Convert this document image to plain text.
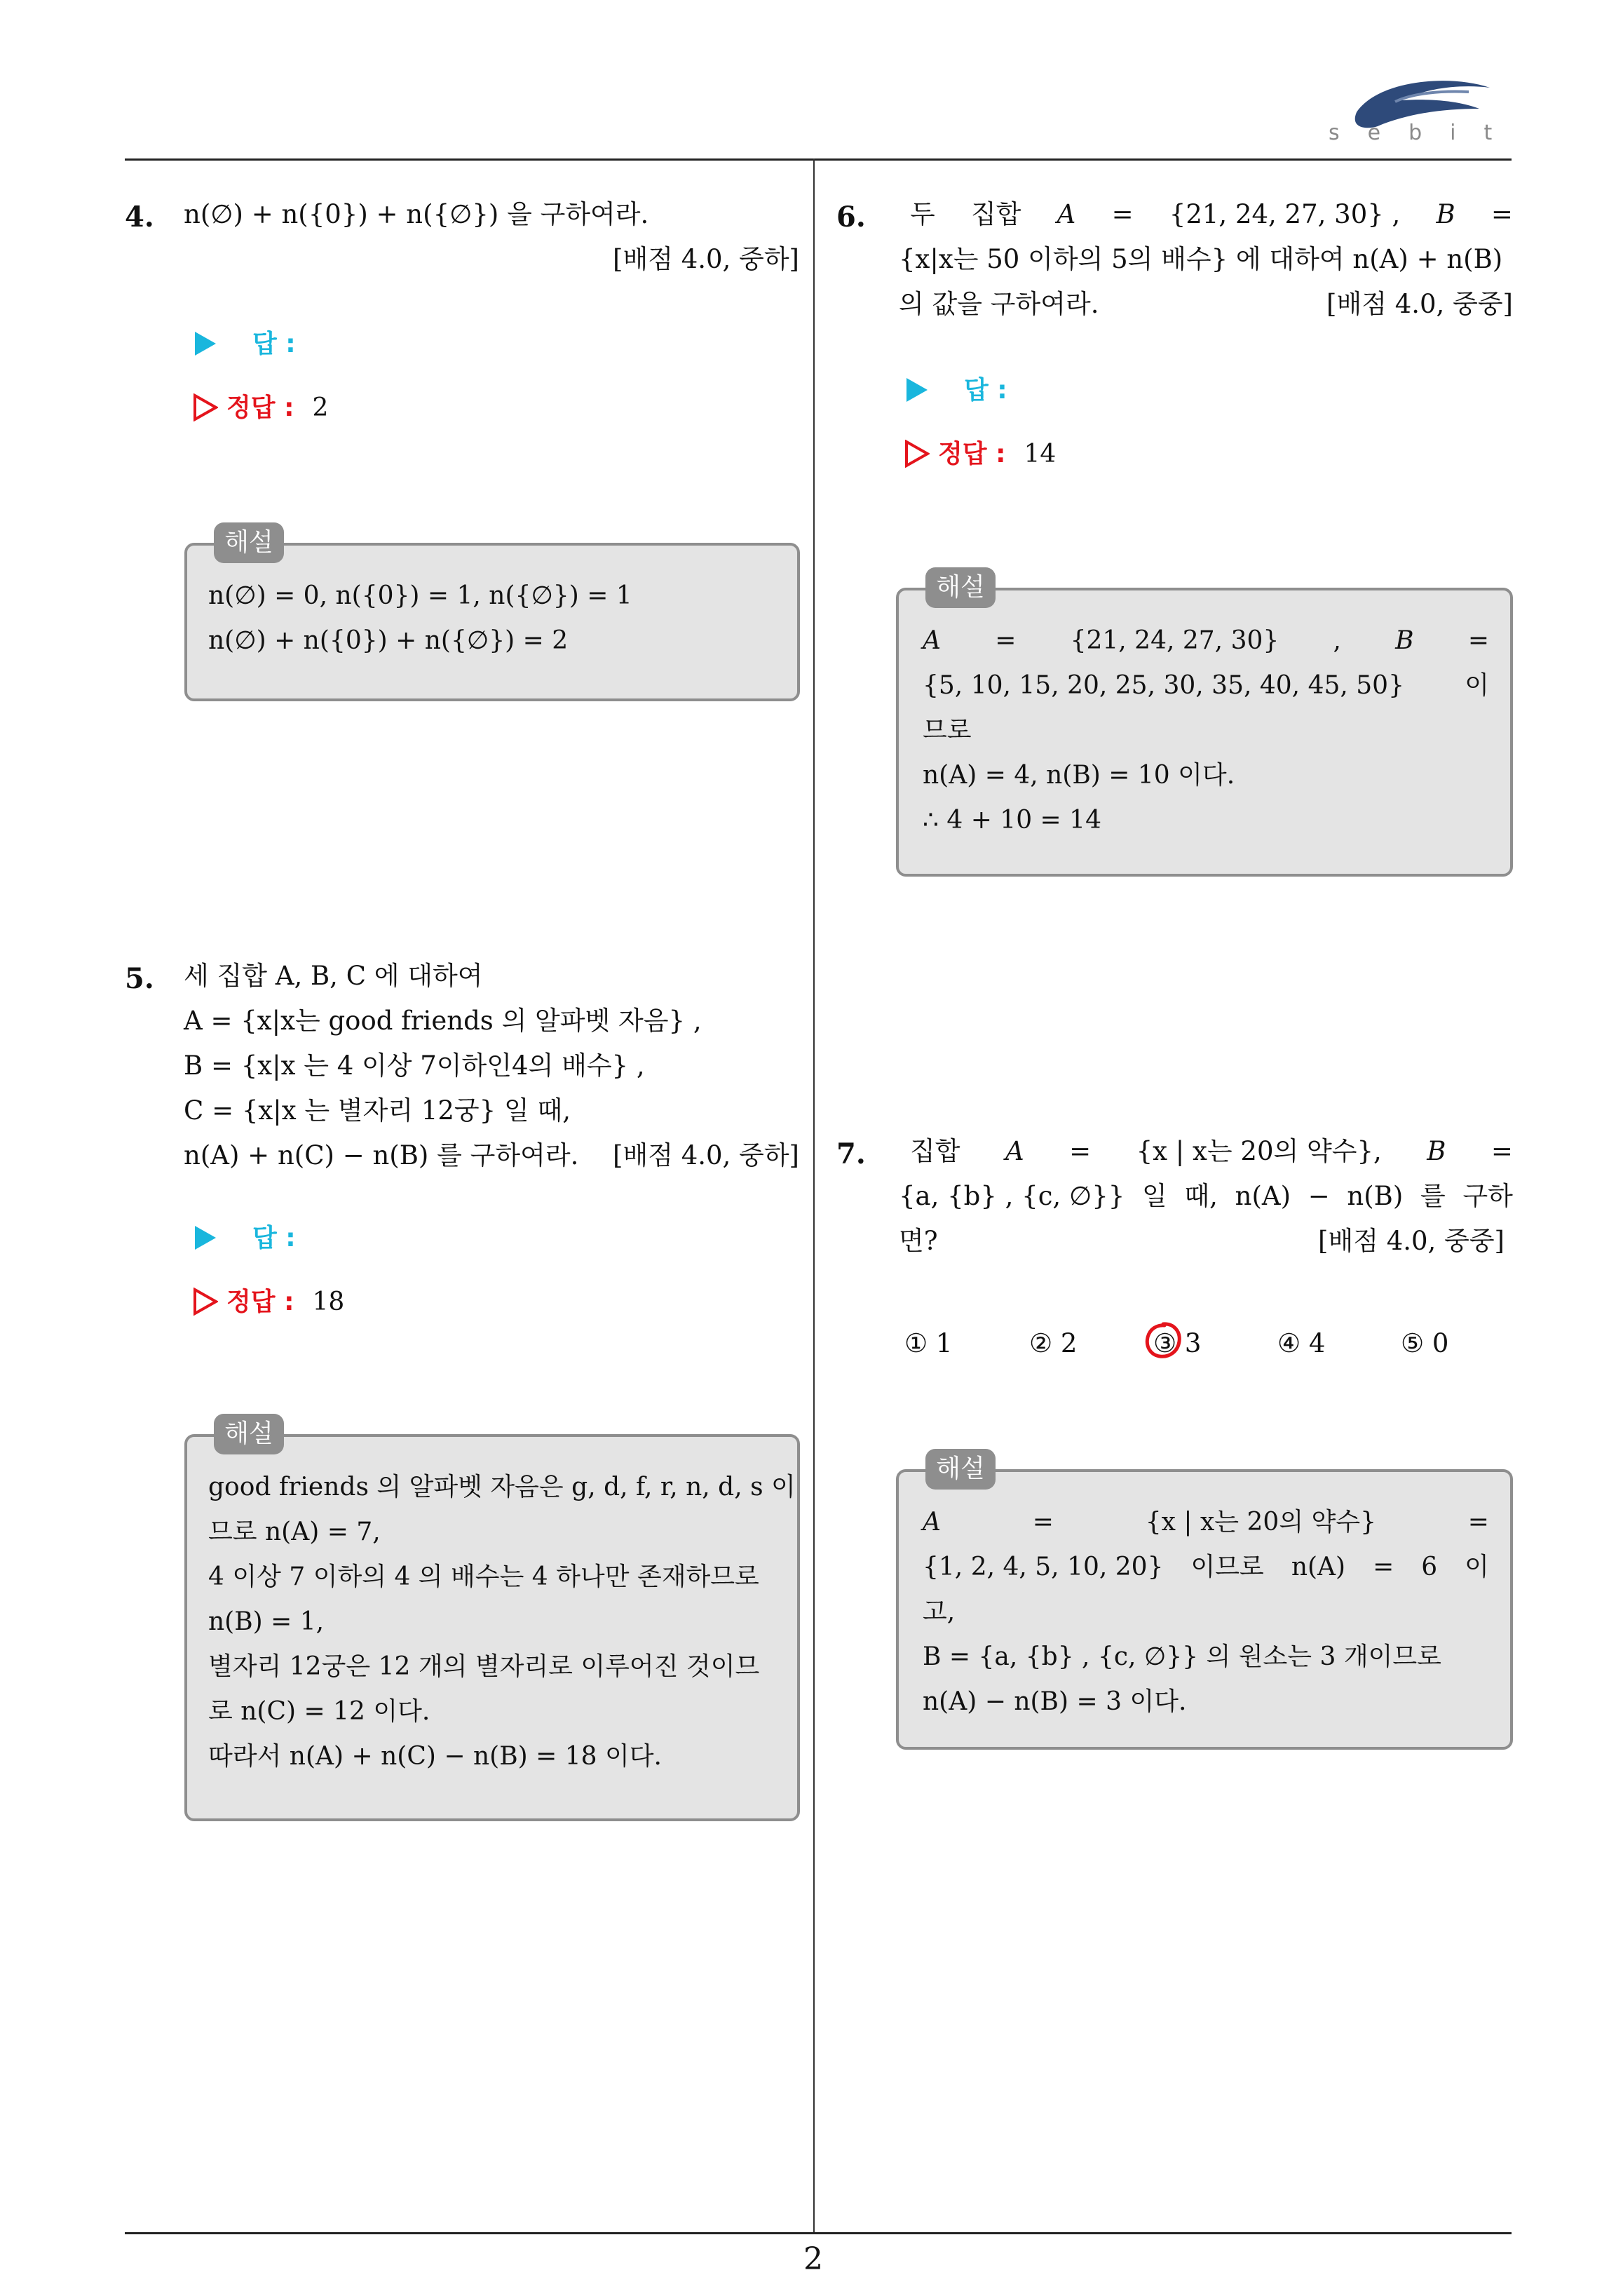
sebit
4. n(∅) + n({0}) + n({∅}) 을 구하여라.
[배점 4.0, 중하]
답 :
정답 : 2
n(∅) = 0, n({0}) = 1, n({∅}) = 1
n(∅) + n({0}) + n({∅}) = 2
해설
5. 세 집합 A, B, C 에 대하여
A = {x|x는 good friends 의 알파벳 자음} ,
B = {x|x 는 4 이상 7이하인4의 배수} ,
C = {x|x 는 별자리 12궁} 일 때,
n(A) + n(C) − n(B) 를 구하여라.	[배점 4.0, 중하]
답 :
정답 : 18
good friends 의 알파벳 자음은 g, d, f, r, n, d, s 이
므로 n(A) = 7,
4 이상 7 이하의 4 의 배수는 4 하나만 존재하므로
n(B) = 1,
별자리 12궁은 12 개의 별자리로 이루어진 것이므
로 n(C) = 12 이다.
따라서 n(A) + n(C) − n(B) = 18 이다.
해설
6. 두 집합 A = {21, 24, 27, 30} , B =
{x|x는 50 이하의 5의 배수} 에 대하여 n(A) + n(B)
의 값을 구하여라.	[배점 4.0, 중중]
답 :
정답 : 14
A = {21, 24, 27, 30} , B =
{5, 10, 15, 20, 25, 30, 35, 40, 45, 50} 이
므로
n(A) = 4, n(B) = 10 이다.
∴ 4 + 10 = 14
해설
7. 집합 A = {x | x는 20의 약수}, B =
{a, {b} , {c, ∅}} 일 때, n(A) − n(B) 를 구하
면?	[배점 4.0, 중중]
① 1	② 2	③ 3	④ 4	⑤ 0
A	=	{x | x는 20의 약수}	=
{1, 2, 4, 5, 10, 20} 이므로 n(A) = 6 이
고,
B = {a, {b} , {c, ∅}} 의 원소는 3 개이므로
n(A) − n(B) = 3 이다.
해설
2
